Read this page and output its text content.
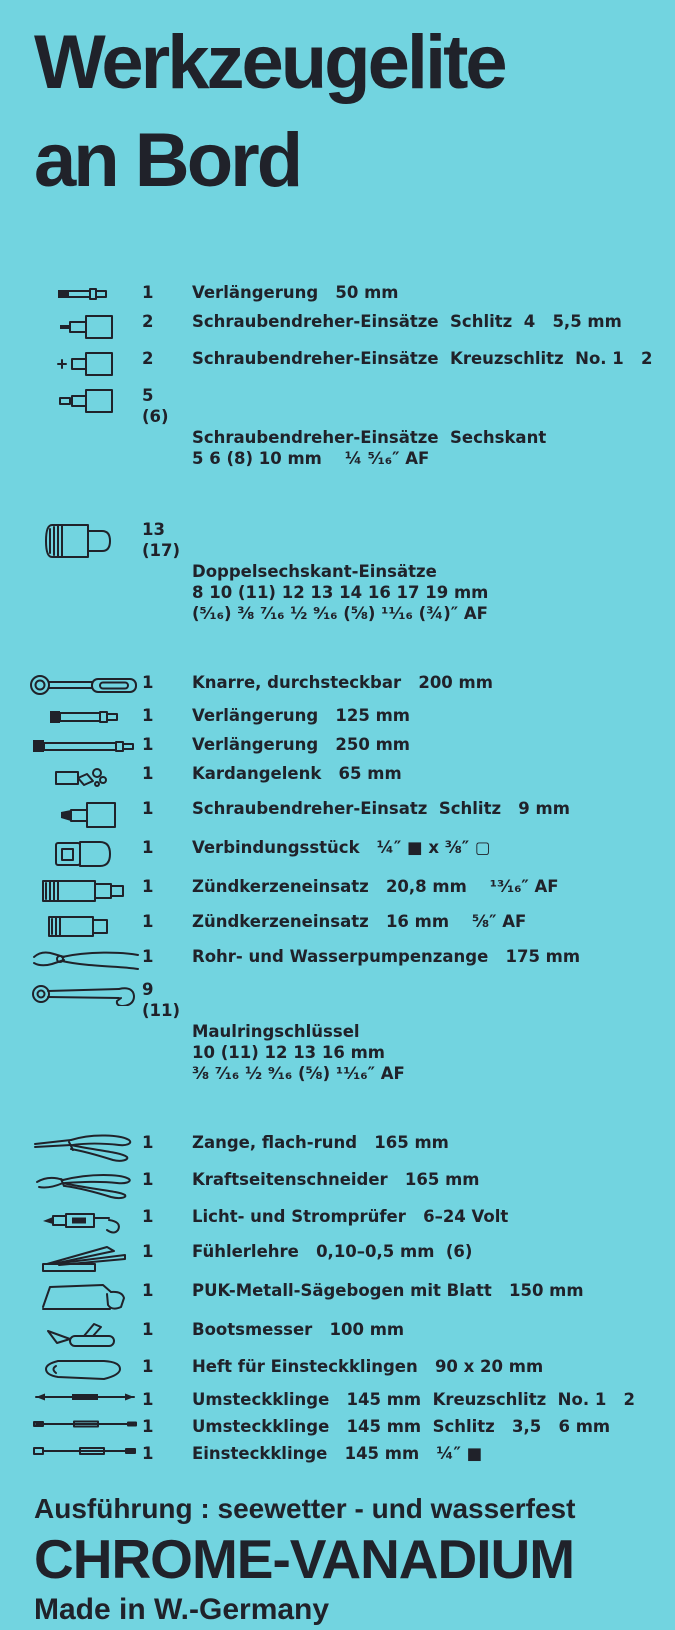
Werkzeugelite
an Bord
1	Verlängerung   50 mm
2	Schraubendreher-Einsätze  Schlitz  4   5,5 mm
2	Schraubendreher-Einsätze  Kreuzschlitz  No. 1   2
5
(6)

Schraubendreher-Einsätze  Sechskant
5 6 (8) 10 mm    ¼ ⁵⁄₁₆″ AF

13
(17)

Doppelsechskant-Einsätze
8 10 (11) 12 13 14 16 17 19 mm
(⁵⁄₁₆) ⅜ ⁷⁄₁₆ ½ ⁹⁄₁₆ (⅝) ¹¹⁄₁₆ (¾)″ AF

1	Knarre, durchsteckbar   200 mm
1	Verlängerung   125 mm
1	Verlängerung   250 mm
1	Kardangelenk   65 mm
1	Schraubendreher-Einsatz  Schlitz   9 mm
1	Verbindungsstück   ¼″ ■ x ⅜″ ▢
1	Zündkerzeneinsatz   20,8 mm    ¹³⁄₁₆″ AF
1	Zündkerzeneinsatz   16 mm    ⅝″ AF
1	Rohr- und Wasserpumpenzange   175 mm
9
(11)

Maulringschlüssel
10 (11) 12 13 16 mm
⅜ ⁷⁄₁₆ ½ ⁹⁄₁₆ (⅝) ¹¹⁄₁₆″ AF

1	Zange, flach-rund   165 mm
1	Kraftseitenschneider   165 mm
1	Licht- und Stromprüfer   6–24 Volt
1	Fühlerlehre   0,10–0,5 mm  (6)
1	PUK-Metall-Sägebogen mit Blatt   150 mm
1	Bootsmesser   100 mm
1	Heft für Einsteckklingen   90 x 20 mm
1	Umsteckklinge   145 mm  Kreuzschlitz  No. 1   2
1	Umsteckklinge   145 mm  Schlitz   3,5   6 mm
1	Einsteckklinge   145 mm   ¼″ ■
Ausführung : seewetter - und wasserfest
CHROME-VANADIUM
Made in W.-Germany
